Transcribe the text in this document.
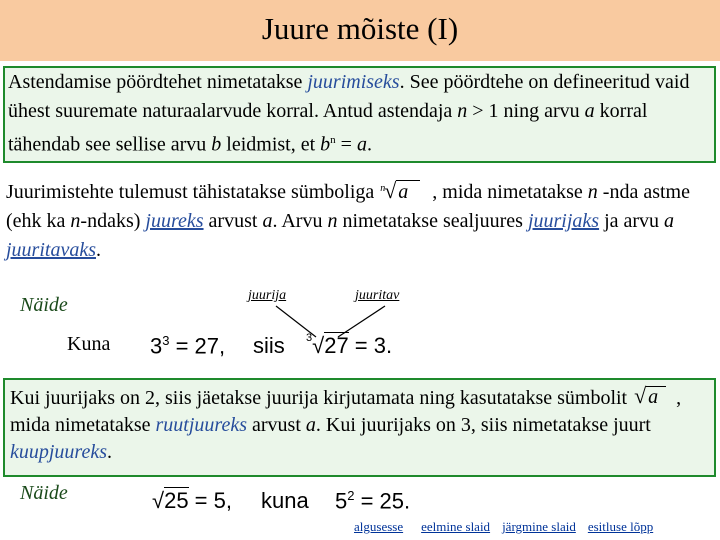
Juure mõiste (I)
Astendamise pöördtehet nimetatakse juurimiseks. See pöördtehe on defineeritud vaid ühest suuremate naturaalarvude korral. Antud astendaja n > 1 ning arvu a korral tähendab see sellise arvu b leidmist, et $b^n = a$.
Juurimistehte tulemust tähistatakse sümboliga n √ a , mida nimetatakse n -nda astme (ehk ka n-ndaks) juureks arvust a. Arvu n nimetatakse sealjuures juurijaks ja arvu a juuritavaks.
Näide	juurija	juuritav
Kuna $3^3 = 27$, siis $^3$√27 = 3.
Kui juurijaks on 2, siis jäetakse juurija kirjutamata ning kasutatakse sümbolit √ a , mida nimetatakse ruutjuureks arvust a. Kui juurijaks on 3, siis nimetatakse juurt kuupjuureks.
Näide	√25 = 5, kuna $5^2 = 25$.
algusesse eelmine slaid järgmine slaid esitluse lõpp
